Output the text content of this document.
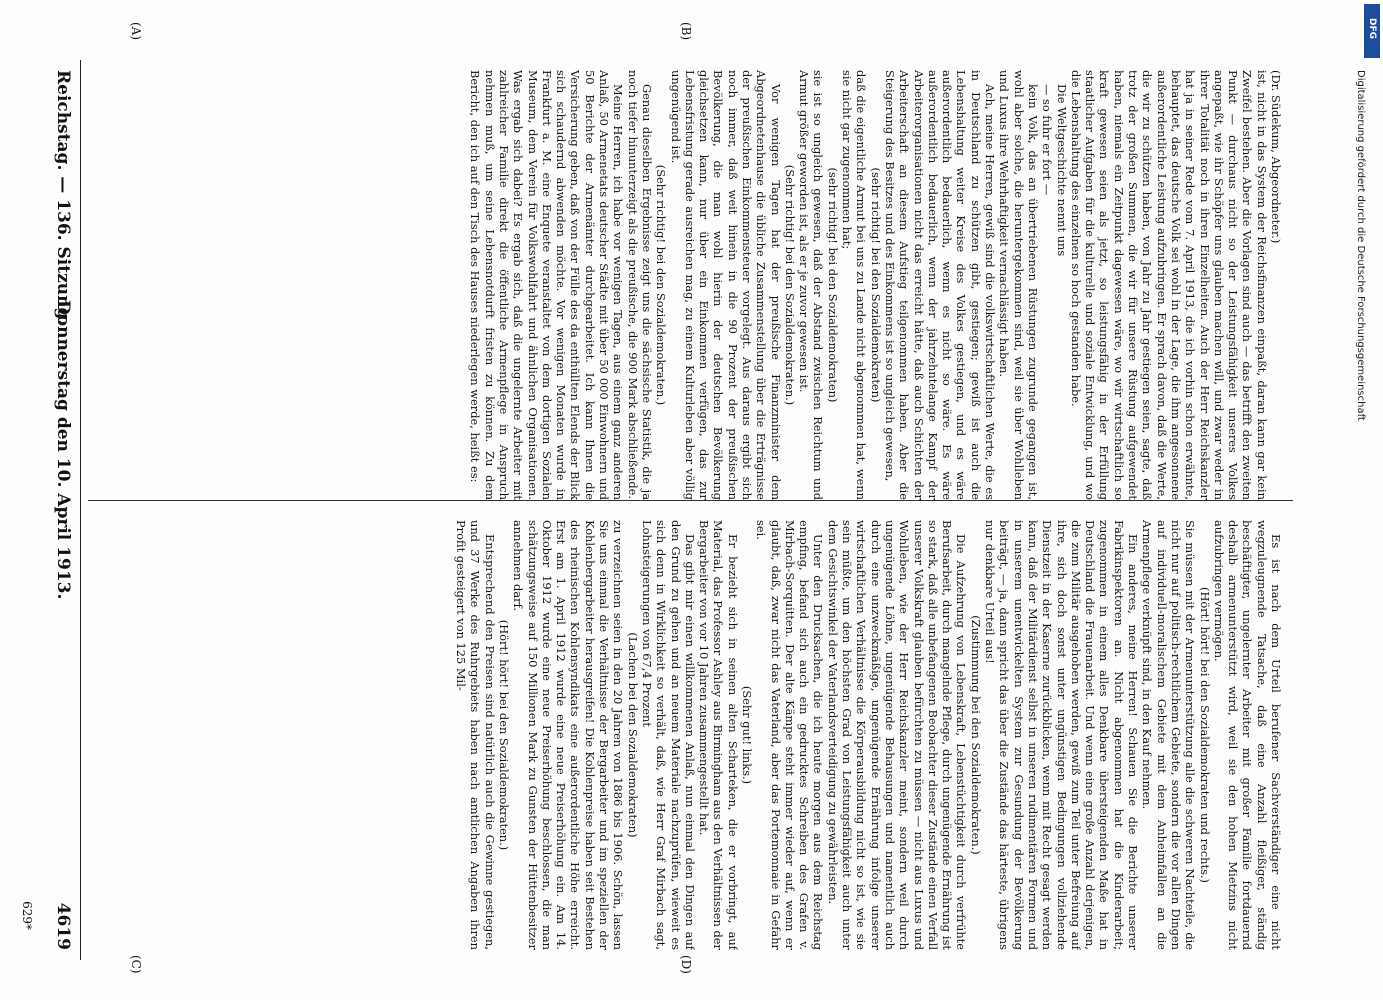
Reichstag. — 136. Sitzung.
Donnerstag den 10. April 1913.
4619
(A)	(B)
(C)	(D)

(Dr. Südekum, Abgeordneter.)

ist, nicht in das System der Reichsfinanzen einpaßt, daran kann gar kein Zweifel bestehen. Aber die Vorlagen sind auch — das betrifft den zweiten Punkt — durchaus nicht so der Leistungsfähigkeit unseres Volkes angepaßt, wie ihr Schöpfer uns glauben machen will, und zwar weder in ihrer Totalität noch in ihren Einzelheiten. Auch der Herr Reichskanzler hat ja in seiner Rede vom 7. April 1913, die ich vorhin schon erwähnte, behauptet, das deutsche Volk sei wohl in der Lage, die ihm angesonnene außerordentliche Leistung aufzubringen. Er sprach davon, daß die Werte, die wir zu schützen haben, von Jahr zu Jahr gestiegen seien, sagte, daß trotz der großen Summen, die wir für unsere Rüstung aufgewendet haben, niemals ein Zeitpunkt dagewesen wäre, wo wir wirtschaftlich so kraft gewesen seien als jetzt, so leistungsfähig in der Erfüllung staatlicher Aufgaben für die kulturelle und soziale Entwicklung, und wo die Lebenshaltung des einzelnen so hoch gestanden habe.

Die Weltgeschichte nennt uns

— so fuhr er fort —

kein Volk, das an übertriebenen Rüstungen zugrunde gegangen ist, wohl aber solche, die heruntergekommen sind, weil sie über Wohlleben und Luxus ihre Wehrhaftigkeit vernachlässigt haben.

Ach, meine Herren, gewiß sind die volkswirtschaftlichen Werte, die es in Deutschland zu schützen gibt, gestiegen; gewiß ist auch die Lebenshaltung weiter Kreise des Volkes gestiegen, und es wäre außerordentlich bedauerlich, wenn es nicht so wäre. Es wäre außerordentlich bedauerlich, wenn der jahrzehntelange Kampf der Arbeiterorganisationen nicht das erreicht hätte, daß auch Schichten der Arbeiterschaft an diesem Aufstieg teilgenommen haben. Aber die Steigerung des Besitzes und des Einkommens ist so ungleich gewesen,

(sehr richtig! bei den Sozialdemokraten)

daß die eigentliche Armut bei uns zu Lande nicht abgenommen hat, wenn sie nicht gar zugenommen hat;

(sehr richtig! bei den Sozialdemokraten)

sie ist so ungleich gewesen, daß der Abstand zwischen Reichtum und Armut größer geworden ist, als er je zuvor gewesen ist.

(Sehr richtig! bei den Sozialdemokraten.)

Vor wenigen Tagen hat der preußische Finanzminister dem Abgeordnetenhause die übliche Zusammenstellung über die Erträgnisse der preußischen Einkommensteuer vorgelegt. Aus daraus ergibt sich noch immer, daß weit hinein in die 90 Prozent der preußischen Bevölkerung, die man wohl hierin der deutschen Bevölkerung gleichsetzen kann, nur über ein Einkommen verfügen, das zur Lebensfristung gerade ausreichen mag, zu einem Kulturleben aber völlig ungenügend ist.

(Sehr richtig! bei den Sozialdemokraten.)

Genau dieselben Ergebnisse zeigt uns die sächsische Statistik, die ja noch tiefer hinunterzeigt als die preußische, die 900 Mark abschließende.

Meine Herren, ich habe vor wenigen Tagen, aus einem ganz anderen Anlaß, 50 Armenetats deutscher Städte mit über 50 000 Einwohnern und 50 Berichte der Armenämter durchgearbeitet. Ich kann Ihnen die Versicherung geben, daß von der Fülle des da enthüllten Elends der Blick sich schaudernd abwenden möchte. Vor wenigen Monaten wurde in Frankfurt a. M. eine Enquete veranstaltet von dem dortigen Sozialen Museum, dem Verein für Volkswohlfahrt und ähnlichen Organisationen. Was ergab sich dabei? Es ergab sich, daß die ungelernte Arbeiter mit zahlreicher Familie direkt die öffentliche Armenpflege in Anspruch nehmen muß, um seine Lebensnotdurft fristen zu können. Zu dem Bericht, den ich auf den Tisch des Hauses niederlegen werde, heißt es:

Es ist nach dem Urteil berufener Sachverständiger eine nicht wegzuleugnende Tatsache, daß eine Anzahl fleißiger, ständig beschäftigter, ungelernter Arbeiter mit großer Familie fortdauernd deshalb armenunterstützt wird, weil sie den hohen Mietzins nicht aufzubringen vermögen.

(Hört! hört! bei den Sozialdemokraten und rechts.)

Sie müssen mit der Armenunterstützung alle die schweren Nachteile, die nicht nur auf politisch-rechtlichem Gebiete, sondern die vor allen Dingen auf individuell-moralischem Gebiete mit dem Anheimfallen an die Armenpflege verknüpft sind, in den Kauf nehmen.

Ein anderes, meine Herren! Schauen Sie die Berichte unserer Fabrikinspektoren an. Nicht abgenommen hat die Kinderarbeit; zugenommen in einem alles Denkbare übersteigenden Maße hat in Deutschland die Frauenarbeit. Und wenn eine große Anzahl derjenigen, die zum Militär ausgehoben werden, gewiß zum Teil unter Befreiung auf ihre, sich doch sonst unter ungünstigen Bedingungen vollziehende Dienstzeit in der Kaserne zurückblicken, wenn mit Recht gesagt werden kann, daß der Militärdienst selbst in unseren rudimentären Formen und in unserem unentwickelten System zur Gesundung der Bevölkerung beiträgt, — ja, dann spricht das über die Zustände das härteste, übrigens nur denkbare Urteil aus!

(Zustimmung bei den Sozialdemokraten.)

Die Aufzehrung von Lebenskraft, Lebenstüchtigkeit durch verfrühte Berufsarbeit, durch mangelnde Pflege, durch ungenügende Ernährung ist so stark, daß alle unbefangenen Beobachter dieser Zustände einen Verfall unserer Volkskraft glauben befürchten zu müssen — nicht aus Luxus und Wohlleben, wie der Herr Reichskanzler meint, sondern weil durch ungenügende Löhne, ungenügende Behausungen und namentlich auch durch eine unzweckmäßige, ungenügende Ernährung infolge unserer wirtschaftlichen Verhältnisse die Körperausbildung nicht so ist, wie sie sein müßte, um den höchsten Grad von Leistungsfähigkeit auch unter dem Gesichtswinkel der Vaterlandsverteidigung zu gewährleisten.

Unter den Drucksachen, die ich heute morgen aus dem Reichstag empfing, befand sich auch ein gedrucktes Schreiben des Grafen v. Mirbach-Sorquitten. Der alte Kämpe steht immer wieder auf, wenn er glaubt, daß, zwar nicht das Vaterland, aber das Portemonnaie in Gefahr sei.

(Sehr gut! links.)

Er bezieht sich in seinen alten Scharteken, die er vorbringt, auf Material, das Professor Ashley aus Birmingham aus den Verhältnissen der Bergarbeiter von vor 10 Jahren zusammengestellt hat.

Das gibt mir einen willkommenen Anlaß, nun einmal den Dingen auf den Grund zu gehen und an neuem Materiale nachzuprüfen, wieweit es sich denn in Wirklichkeit so verhält, daß, wie Herr Graf Mirbach sagt, Lohnsteigerungen von 67,4 Prozent

(Lachen bei den Sozialdemokraten)

zu verzeichnen seien in den 20 Jahren von 1886 bis 1906. Schön, lassen Sie uns einmal die Verhältnisse der Bergarbeiter und im speziellen der Kohlenbergarbeiter herausgreifen! Die Kohlenpreise haben seit Bestehen des rheinischen Kohlensyndikats eine außerordentliche Höhe erreicht. Erst am 1. April 1912 wurde eine neue Preiserhöhung ein. Am 14. Oktober 1912 wurde eine neue Preiserhöhung beschlossen, die man schätzungsweise auf 150 Millionen Mark zu Gunsten der Hüttenbesitzer annehmen darf.

(Hört! hört! bei den Sozialdemokraten.)

Entsprechend den Preisen sind natürlich auch die Gewinne gestiegen, und 37 Werke des Ruhrgebiets haben nach amtlichen Angaben ihren Profit gesteigert von 125 Mil-

629*
DFG
Digitalisierung gefördert durch die Deutsche Forschungsgemeinschaft
